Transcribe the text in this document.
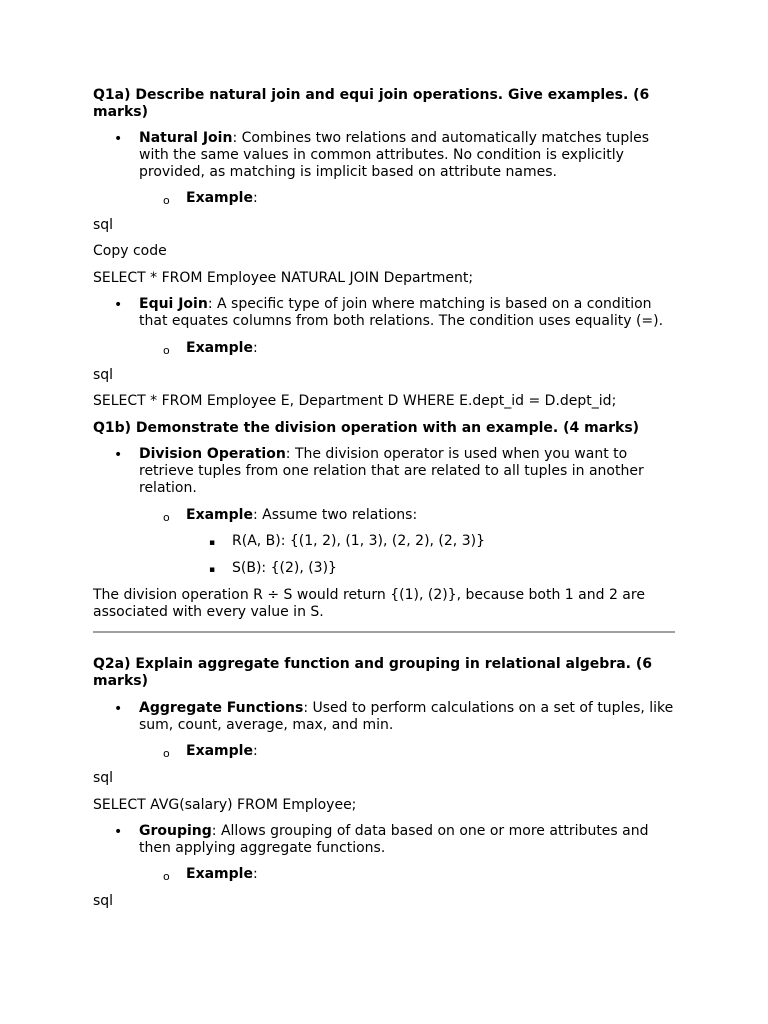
Q1a) Describe natural join and equi join operations. Give examples. (6 marks)

• Natural Join: Combines two relations and automatically matches tuples with the same values in common attributes. No condition is explicitly provided, as matching is implicit based on attribute names.

o Example:

sql

Copy code

SELECT * FROM Employee NATURAL JOIN Department;

• Equi Join: A specific type of join where matching is based on a condition that equates columns from both relations. The condition uses equality (=).

o Example:

sql

SELECT * FROM Employee E, Department D WHERE E.dept_id = D.dept_id;

Q1b) Demonstrate the division operation with an example. (4 marks)

• Division Operation: The division operator is used when you want to retrieve tuples from one relation that are related to all tuples in another relation.

o Example: Assume two relations:

▪ R(A, B): {(1, 2), (1, 3), (2, 2), (2, 3)}

▪ S(B): {(2), (3)}

The division operation R ÷ S would return {(1), (2)}, because both 1 and 2 are associated with every value in S.

Q2a) Explain aggregate function and grouping in relational algebra. (6 marks)

• Aggregate Functions: Used to perform calculations on a set of tuples, like sum, count, average, max, and min.

o Example:

sql

SELECT AVG(salary) FROM Employee;

• Grouping: Allows grouping of data based on one or more attributes and then applying aggregate functions.

o Example:

sql
